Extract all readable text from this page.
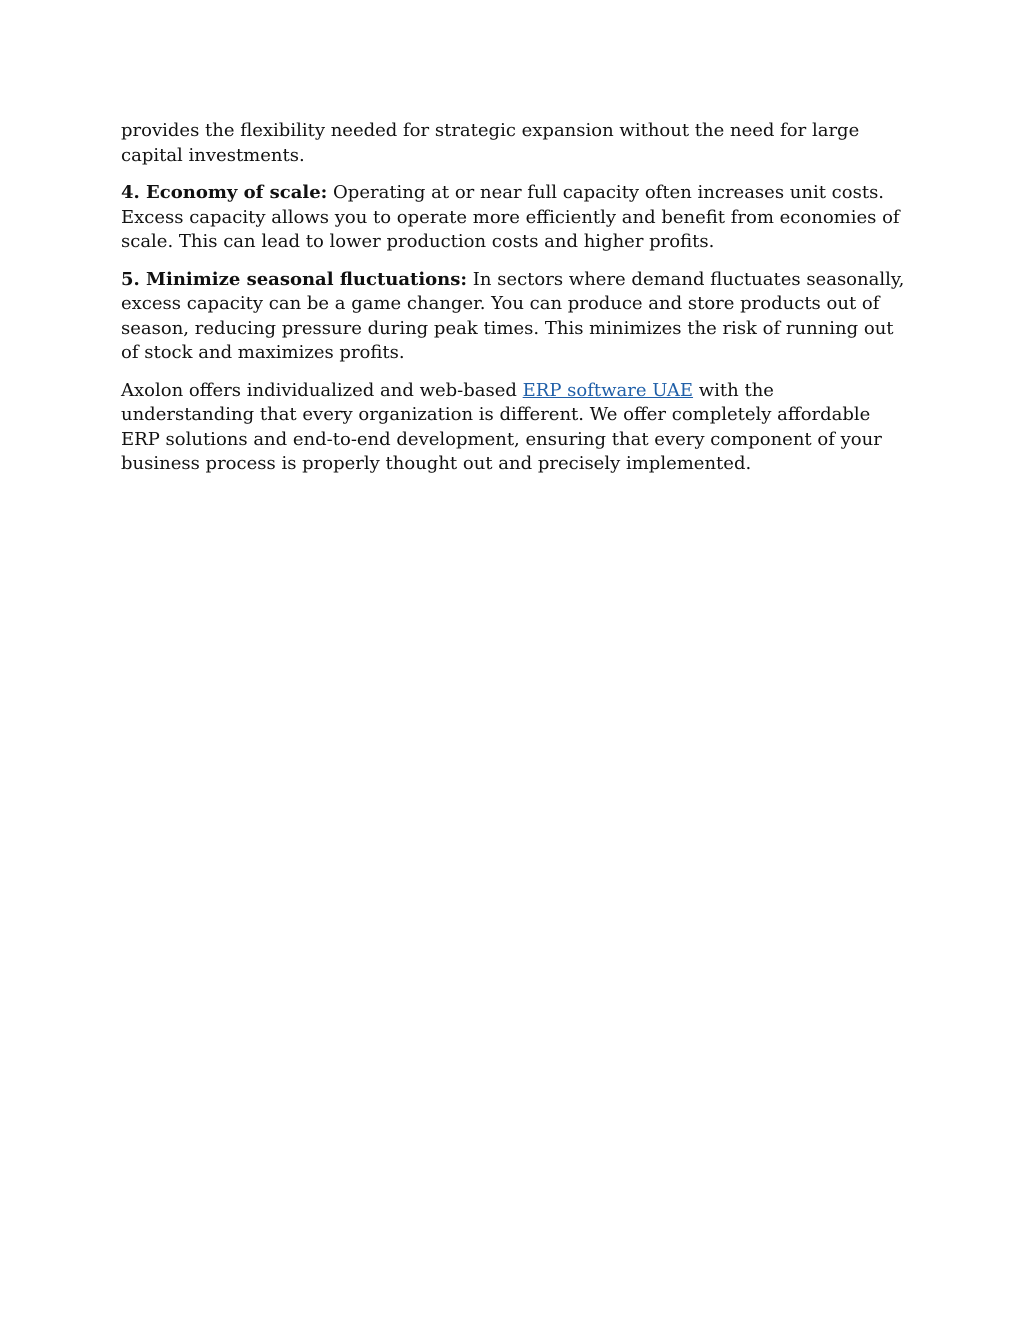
provides the flexibility needed for strategic expansion without the need for large capital investments.

4. Economy of scale: Operating at or near full capacity often increases unit costs. Excess capacity allows you to operate more efficiently and benefit from economies of scale. This can lead to lower production costs and higher profits.

5. Minimize seasonal fluctuations: In sectors where demand fluctuates seasonally, excess capacity can be a game changer. You can produce and store products out of season, reducing pressure during peak times. This minimizes the risk of running out of stock and maximizes profits.

Axolon offers individualized and web-based ERP software UAE with the understanding that every organization is different. We offer completely affordable ERP solutions and end-to-end development, ensuring that every component of your business process is properly thought out and precisely implemented.
